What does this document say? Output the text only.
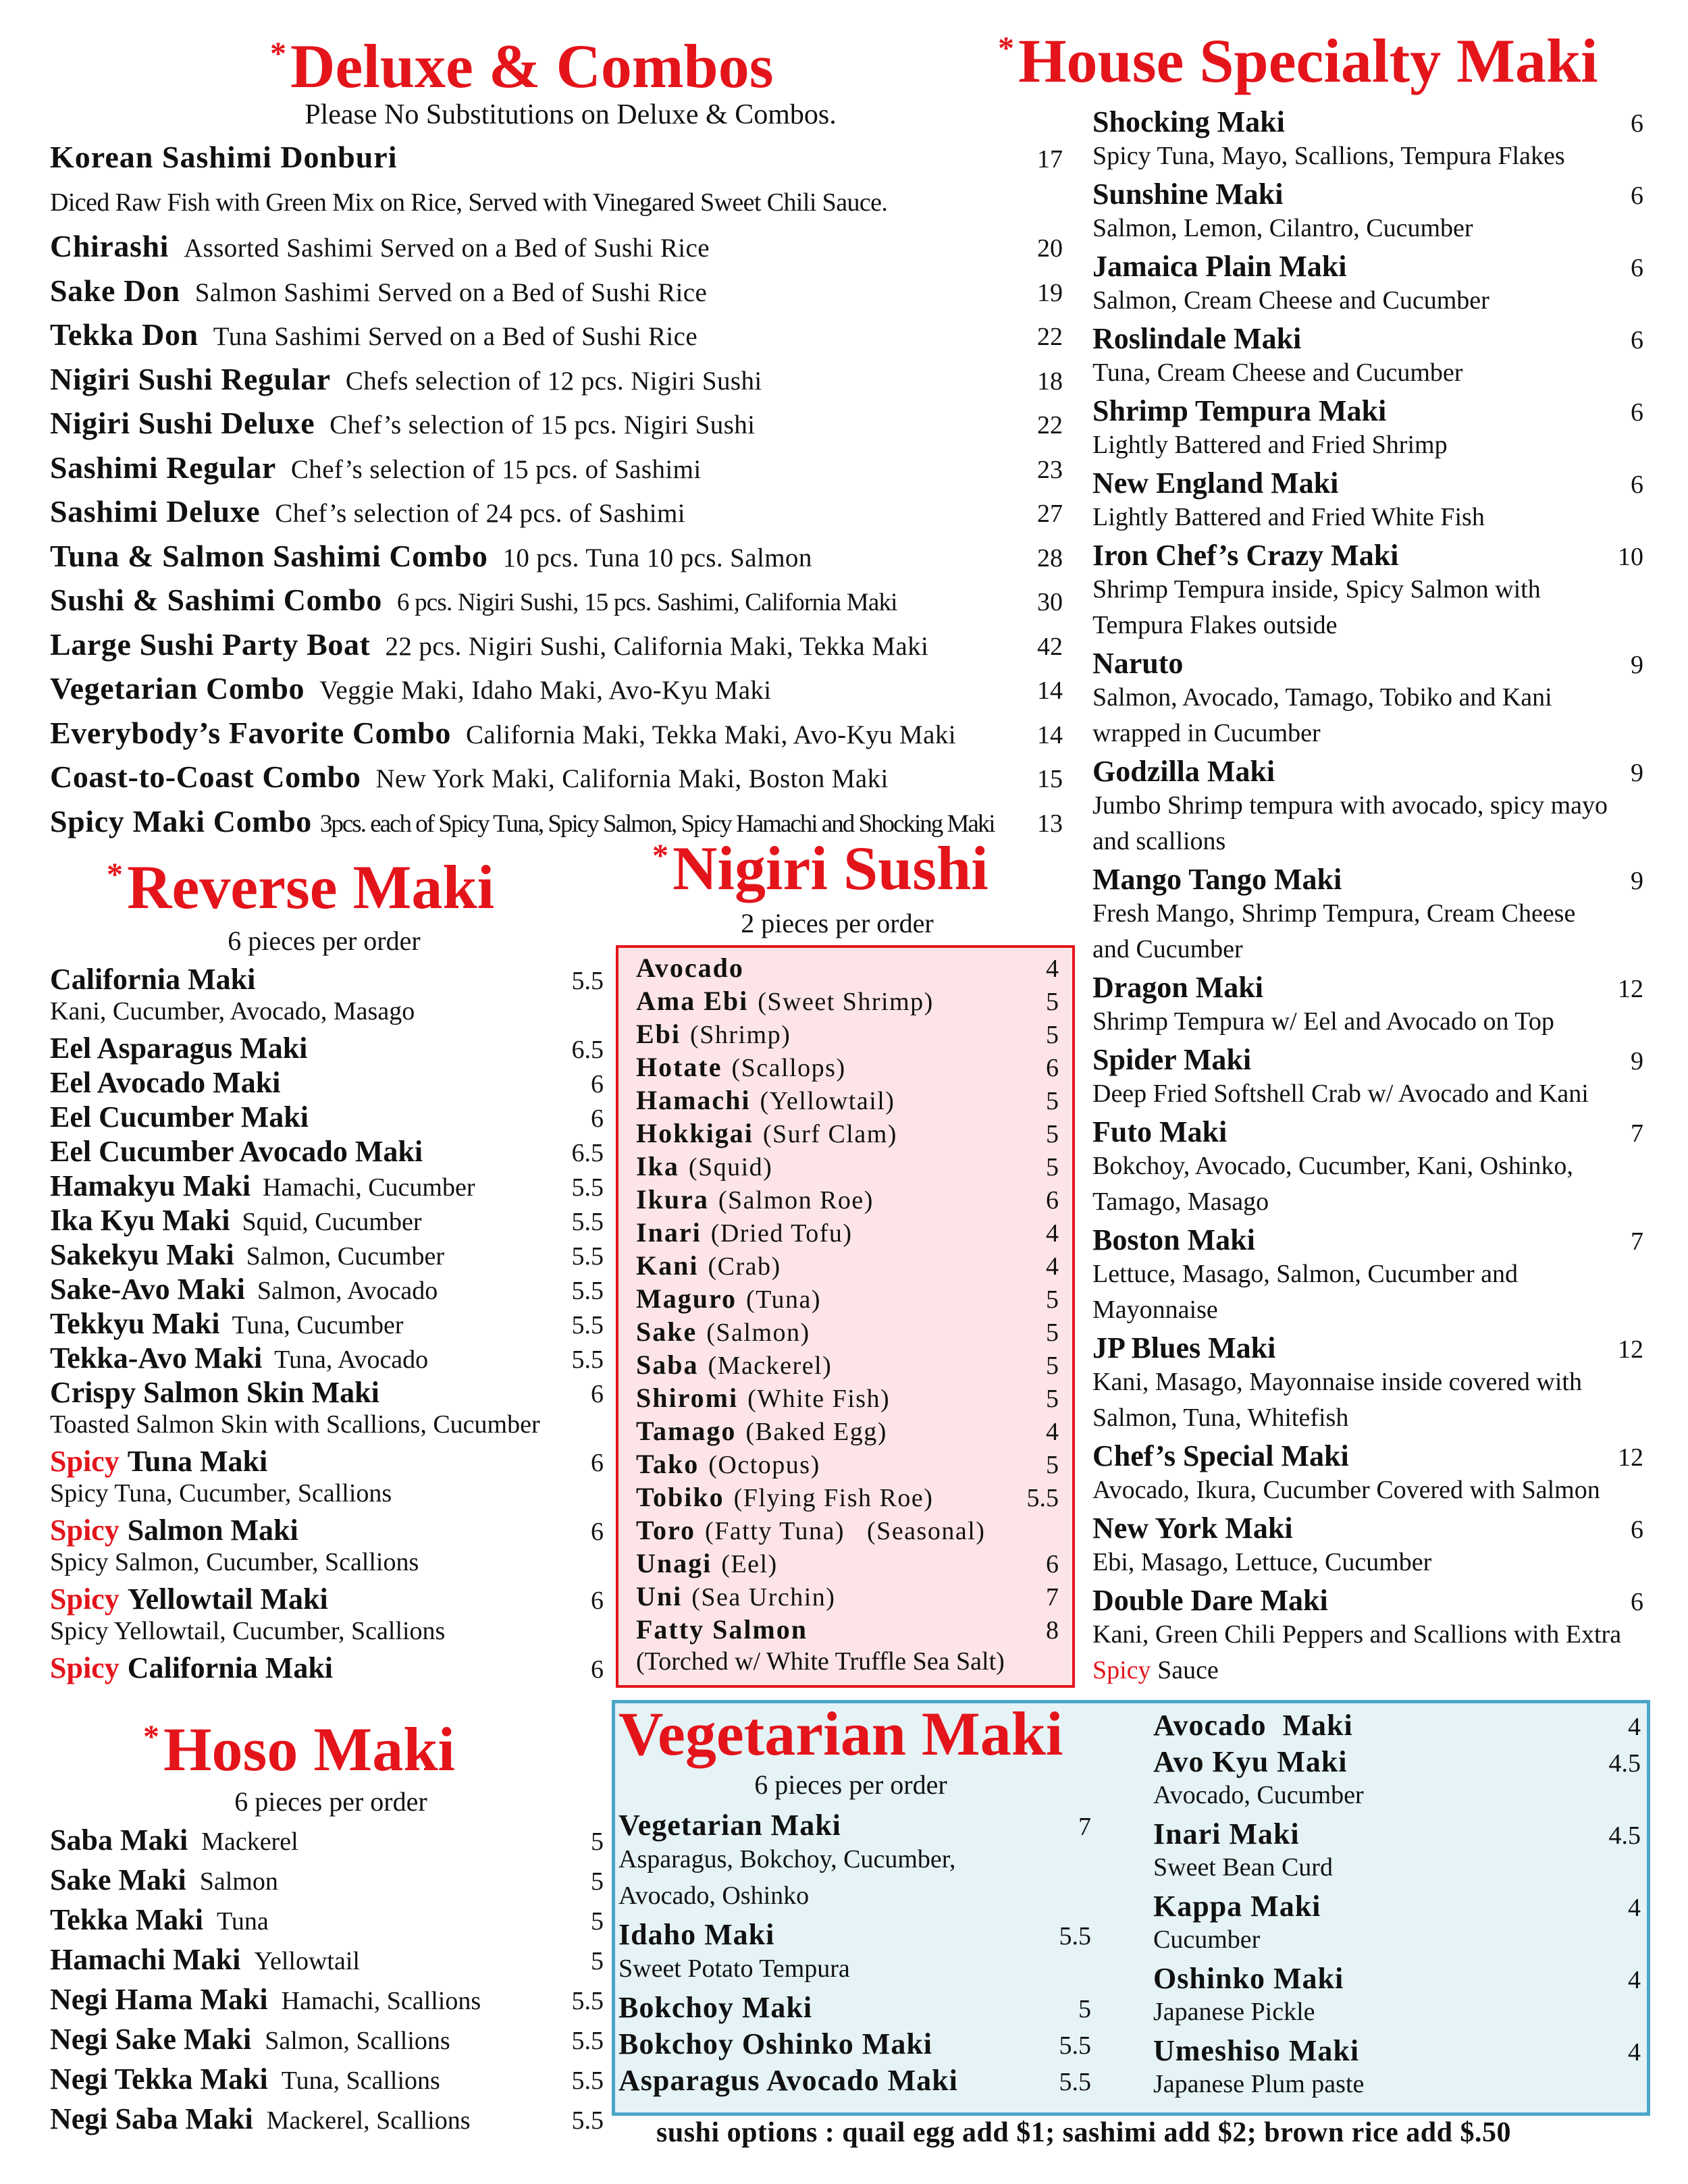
*Deluxe & Combos
Please No Substitutions on Deluxe & Combos.
Korean Sashimi Donburi	17
Diced Raw Fish with Green Mix on Rice, Served with Vinegared Sweet Chili Sauce.
Chirashi Assorted Sashimi Served on a Bed of Sushi Rice	20
Sake Don Salmon Sashimi Served on a Bed of Sushi Rice	19
Tekka Don Tuna Sashimi Served on a Bed of Sushi Rice	22
Nigiri Sushi Regular Chefs selection of 12 pcs. Nigiri Sushi	18
Nigiri Sushi Deluxe Chef’s selection of 15 pcs. Nigiri Sushi	22
Sashimi Regular Chef’s selection of 15 pcs. of Sashimi	23
Sashimi Deluxe Chef’s selection of 24 pcs. of Sashimi	27
Tuna & Salmon Sashimi Combo 10 pcs. Tuna 10 pcs. Salmon	28
Sushi & Sashimi Combo 6 pcs. Nigiri Sushi, 15 pcs. Sashimi, California Maki	30
Large Sushi Party Boat 22 pcs. Nigiri Sushi, California Maki, Tekka Maki	42
Vegetarian Combo Veggie Maki, Idaho Maki, Avo-Kyu Maki	14
Everybody’s Favorite Combo California Maki, Tekka Maki, Avo-Kyu Maki	14
Coast-to-Coast Combo New York Maki, California Maki, Boston Maki	15
Spicy Maki Combo 3pcs. each of Spicy Tuna, Spicy Salmon, Spicy Hamachi and Shocking Maki 13
*House Specialty Maki
Shocking Maki	6
Spicy Tuna, Mayo, Scallions, Tempura Flakes
Sunshine Maki	6
Salmon, Lemon, Cilantro, Cucumber
Jamaica Plain Maki	6
Salmon, Cream Cheese and Cucumber
Roslindale Maki	6
Tuna, Cream Cheese and Cucumber
Shrimp Tempura Maki	6
Lightly Battered and Fried Shrimp
New England Maki	6
Lightly Battered and Fried White Fish
Iron Chef’s Crazy Maki	10
Shrimp Tempura inside, Spicy Salmon with
Tempura Flakes outside
Naruto	9
Salmon, Avocado, Tamago, Tobiko and Kani
wrapped in Cucumber
Godzilla Maki	9
Jumbo Shrimp tempura with avocado, spicy mayo
and scallions
Mango Tango Maki	9
Fresh Mango, Shrimp Tempura, Cream Cheese
and Cucumber
Dragon Maki	12
Shrimp Tempura w/ Eel and Avocado on Top
Spider Maki	9
Deep Fried Softshell Crab w/ Avocado and Kani
Futo Maki	7
Bokchoy, Avocado, Cucumber, Kani, Oshinko,
Tamago, Masago
Boston Maki	7
Lettuce, Masago, Salmon, Cucumber and
Mayonnaise
JP Blues Maki	12
Kani, Masago, Mayonnaise inside covered with
Salmon, Tuna, Whitefish
Chef’s Special Maki	12
Avocado, Ikura, Cucumber Covered with Salmon
New York Maki	6
Ebi, Masago, Lettuce, Cucumber
Double Dare Maki	6
Kani, Green Chili Peppers and Scallions with Extra
Spicy Sauce
*Reverse Maki
6 pieces per order
California Maki	5.5
Kani, Cucumber, Avocado, Masago
Eel Asparagus Maki	6.5
Eel Avocado Maki	6
Eel Cucumber Maki	6
Eel Cucumber Avocado Maki	6.5
Hamakyu Maki Hamachi, Cucumber	5.5
Ika Kyu Maki Squid, Cucumber	5.5
Sakekyu Maki Salmon, Cucumber	5.5
Sake-Avo Maki Salmon, Avocado	5.5
Tekkyu Maki Tuna, Cucumber	5.5
Tekka-Avo Maki Tuna, Avocado	5.5
Crispy Salmon Skin Maki	6
Toasted Salmon Skin with Scallions, Cucumber
Spicy Tuna Maki	6
Spicy Tuna, Cucumber, Scallions
Spicy Salmon Maki	6
Spicy Salmon, Cucumber, Scallions
Spicy Yellowtail Maki	6
Spicy Yellowtail, Cucumber, Scallions
Spicy California Maki	6
*Nigiri Sushi
2 pieces per order
Avocado	4
Ama Ebi (Sweet Shrimp)	5
Ebi (Shrimp)	5
Hotate (Scallops)	6
Hamachi (Yellowtail)	5
Hokkigai (Surf Clam)	5
Ika (Squid)	5
Ikura (Salmon Roe)	6
Inari (Dried Tofu)	4
Kani (Crab)	4
Maguro (Tuna)	5
Sake (Salmon)	5
Saba (Mackerel)	5
Shiromi (White Fish)	5
Tamago (Baked Egg)	4
Tako (Octopus)	5
Tobiko (Flying Fish Roe)	5.5
Toro (Fatty Tuna)   (Seasonal)
Unagi (Eel)	6
Uni (Sea Urchin)	7
Fatty Salmon	8
(Torched w/ White Truffle Sea Salt)
*Hoso Maki
6 pieces per order
Saba Maki Mackerel	5
Sake Maki Salmon	5
Tekka Maki Tuna	5
Hamachi Maki Yellowtail	5
Negi Hama Maki Hamachi, Scallions	5.5
Negi Sake Maki Salmon, Scallions	5.5
Negi Tekka Maki Tuna, Scallions	5.5
Negi Saba Maki Mackerel, Scallions	5.5
Vegetarian Maki
6 pieces per order
Vegetarian Maki	7
Asparagus, Bokchoy, Cucumber,
Avocado, Oshinko
Idaho Maki	5.5
Sweet Potato Tempura
Bokchoy Maki	5
Bokchoy Oshinko Maki	5.5
Asparagus Avocado Maki	5.5
Avocado  Maki	4
Avo Kyu Maki	4.5
Avocado, Cucumber
Inari Maki	4.5
Sweet Bean Curd
Kappa Maki	4
Cucumber
Oshinko Maki	4
Japanese Pickle
Umeshiso Maki	4
Japanese Plum paste
sushi options : quail egg add $1; sashimi add $2; brown rice add $.50
